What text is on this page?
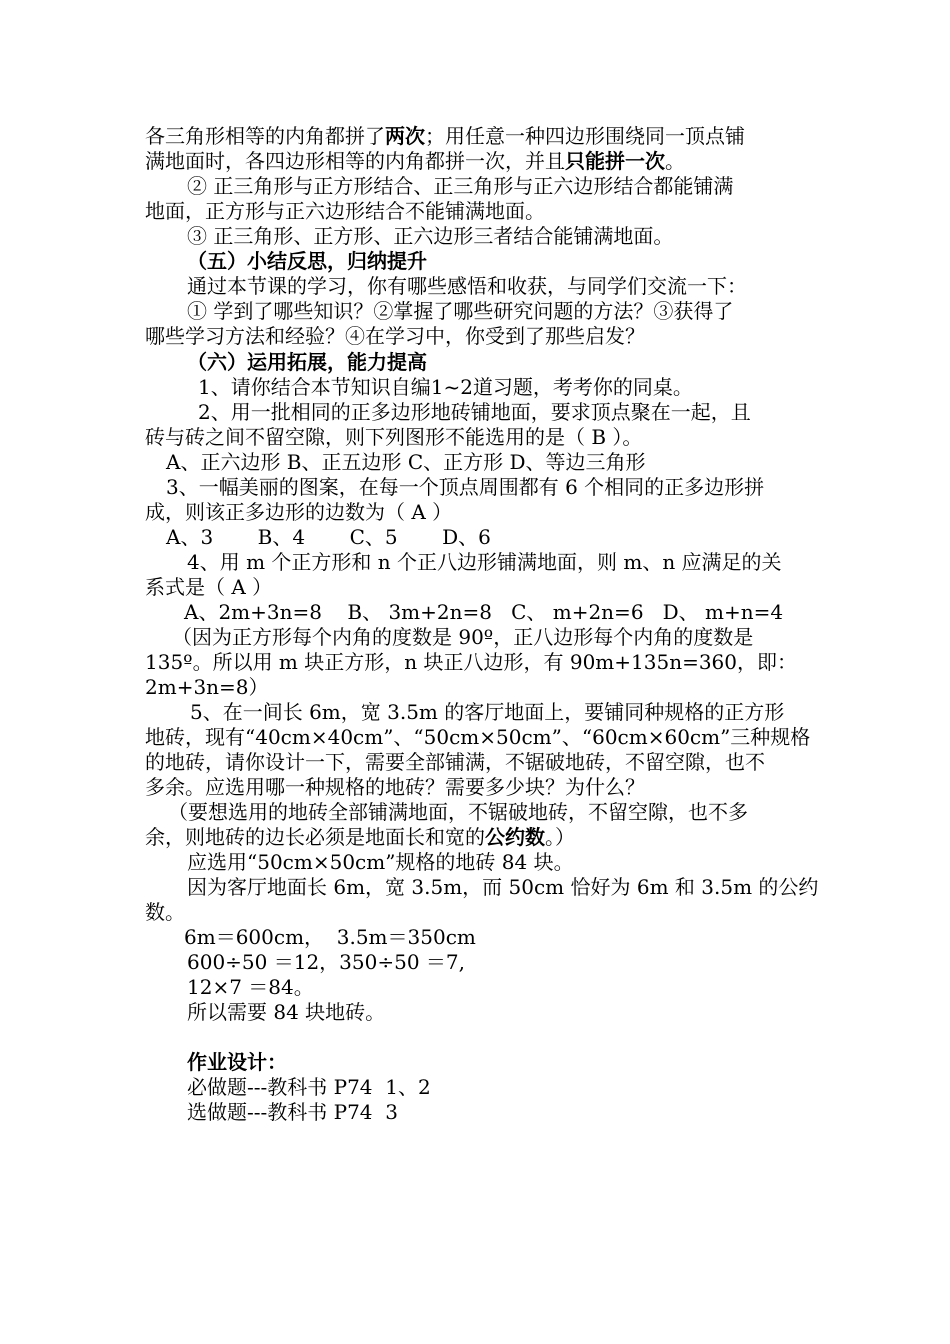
各三角形相等的内角都拼了两次；用任意一种四边形围绕同一顶点铺
满地面时，各四边形相等的内角都拼一次，并且只能拼一次。
② 正三角形与正方形结合、正三角形与正六边形结合都能铺满
地面，正方形与正六边形结合不能铺满地面。
③ 正三角形、正方形、正六边形三者结合能铺满地面。
（五）小结反思，归纳提升
通过本节课的学习，你有哪些感悟和收获，与同学们交流一下：
① 学到了哪些知识？②掌握了哪些研究问题的方法？③获得了
哪些学习方法和经验？④在学习中，你受到了那些启发？
（六）运用拓展，能力提高
1、请你结合本节知识自编1~2道习题，考考你的同桌。
2、用一批相同的正多边形地砖铺地面，要求顶点聚在一起，且
砖与砖之间不留空隙，则下列图形不能选用的是（ B ）。
A、正六边形 B、正五边形 C、正方形 D、等边三角形
3、一幅美丽的图案，在每一个顶点周围都有 6 个相同的正多边形拼
成，则该正多边形的边数为（ A ）
A、3       B、4       C、5       D、6
4、用 m 个正方形和 n 个正八边形铺满地面，则 m、n 应满足的关
系式是（ A ）
A、2m+3n=8    B、 3m+2n=8   C、 m+2n=6   D、 m+n=4
（因为正方形每个内角的度数是 90º，正八边形每个内角的度数是
135º。所以用 m 块正方形，n 块正八边形，有 90m+135n=360，即：
2m+3n=8）
5、在一间长 6m，宽 3.5m 的客厅地面上，要铺同种规格的正方形
地砖，现有“40cm×40cm”、“50cm×50cm”、“60cm×60cm”三种规格
的地砖，请你设计一下，需要全部铺满，不锯破地砖，不留空隙，也不
多余。应选用哪一种规格的地砖？需要多少块？为什么？
（要想选用的地砖全部铺满地面，不锯破地砖，不留空隙，也不多
余，则地砖的边长必须是地面长和宽的公约数。）
应选用“50cm×50cm”规格的地砖 84 块。
因为客厅地面长 6m，宽 3.5m，而 50cm 恰好为 6m 和 3.5m 的公约
数。
6m＝600cm，  3.5m＝350cm
600÷50 ＝12，350÷50 ＝7,
12×7 ＝84。
所以需要 84 块地砖。
作业设计：
必做题---教科书 P74  1、2
选做题---教科书 P74  3
